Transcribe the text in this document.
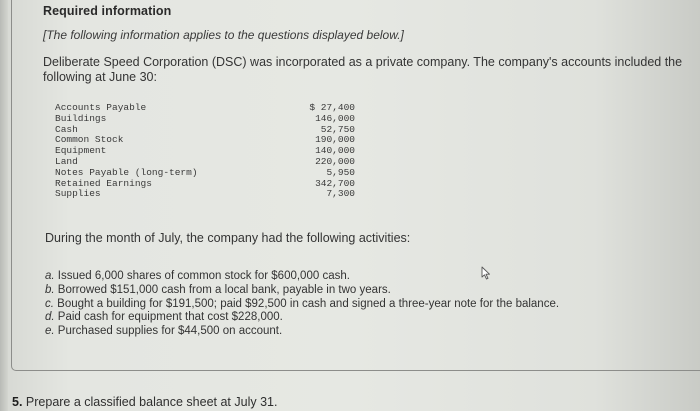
Required information
[The following information applies to the questions displayed below.]
Deliberate Speed Corporation (DSC) was incorporated as a private company. The company's accounts included the
following at June 30:
Accounts Payable	$ 27,400
Buildings	146,000
Cash	52,750
Common Stock	190,000
Equipment	140,000
Land	220,000
Notes Payable (long-term)	5,950
Retained Earnings	342,700
Supplies	7,300
During the month of July, the company had the following activities:
a. Issued 6,000 shares of common stock for $600,000 cash.
b. Borrowed $151,000 cash from a local bank, payable in two years.
c. Bought a building for $191,500; paid $92,500 in cash and signed a three-year note for the balance.
d. Paid cash for equipment that cost $228,000.
e. Purchased supplies for $44,500 on account.
5. Prepare a classified balance sheet at July 31.
